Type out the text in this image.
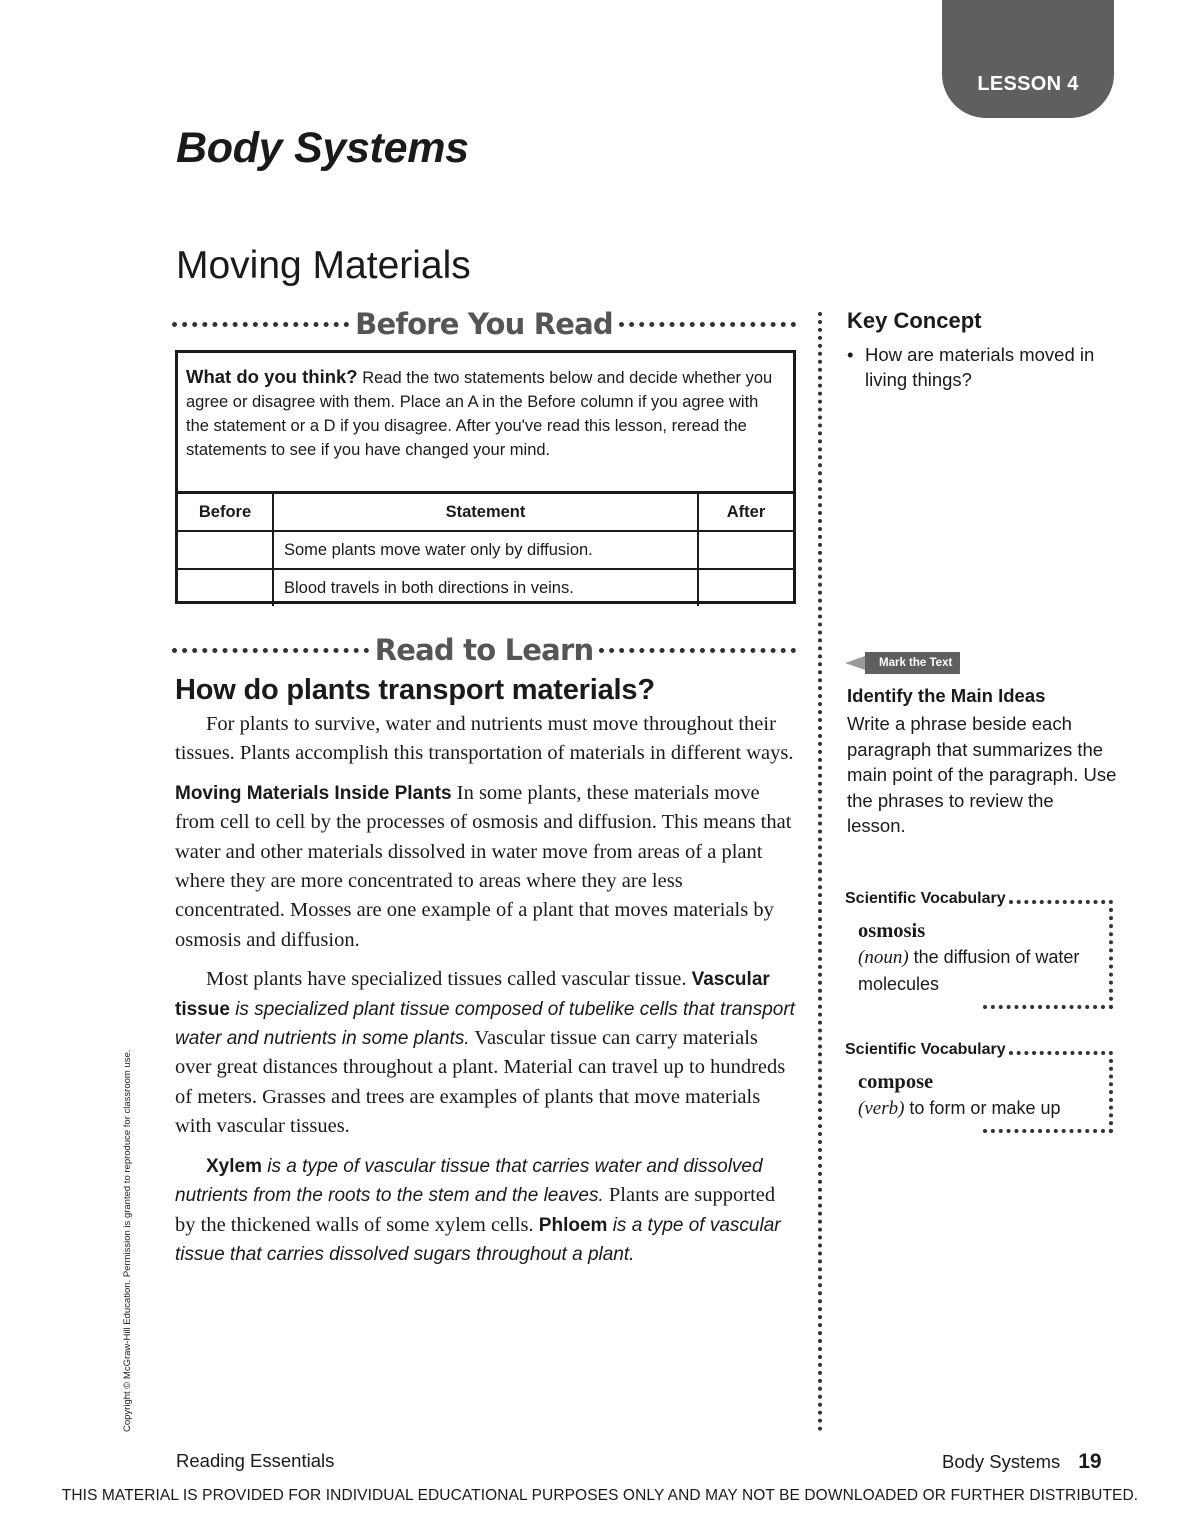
LESSON 4
Body Systems
Moving Materials
Before You Read
What do you think? Read the two statements below and decide whether you agree or disagree with them. Place an A in the Before column if you agree with the statement or a D if you disagree. After you've read this lesson, reread the statements to see if you have changed your mind.
Before	Statement	After
	Some plants move water only by diffusion.	
	Blood travels in both directions in veins.	
Read to Learn
How do plants transport materials?

For plants to survive, water and nutrients must move throughout their tissues. Plants accomplish this transportation of materials in different ways.

Moving Materials Inside Plants In some plants, these materials move from cell to cell by the processes of osmosis and diffusion. This means that water and other materials dissolved in water move from areas of a plant where they are more concentrated to areas where they are less concentrated. Mosses are one example of a plant that moves materials by osmosis and diffusion.

Most plants have specialized tissues called vascular tissue. Vascular tissue is specialized plant tissue composed of tubelike cells that transport water and nutrients in some plants. Vascular tissue can carry materials over great distances throughout a plant. Material can travel up to hundreds of meters. Grasses and trees are examples of plants that move materials with vascular tissues.

Xylem is a type of vascular tissue that carries water and dissolved nutrients from the roots to the stem and the leaves. Plants are supported by the thickened walls of some xylem cells. Phloem is a type of vascular tissue that carries dissolved sugars throughout a plant.

Key Concept
• How are materials moved in living things?
Mark the Text
Identify the Main Ideas

Write a phrase beside each paragraph that summarizes the main point of the paragraph. Use the phrases to review the lesson.

Scientific Vocabulary
osmosis
(noun) the diffusion of water molecules
Scientific Vocabulary
compose
(verb) to form or make up
Copyright © McGraw-Hill Education. Permission is granted to reproduce for classroom use.
Reading Essentials	Body Systems 19
THIS MATERIAL IS PROVIDED FOR INDIVIDUAL EDUCATIONAL PURPOSES ONLY AND MAY NOT BE DOWNLOADED OR FURTHER DISTRIBUTED.
